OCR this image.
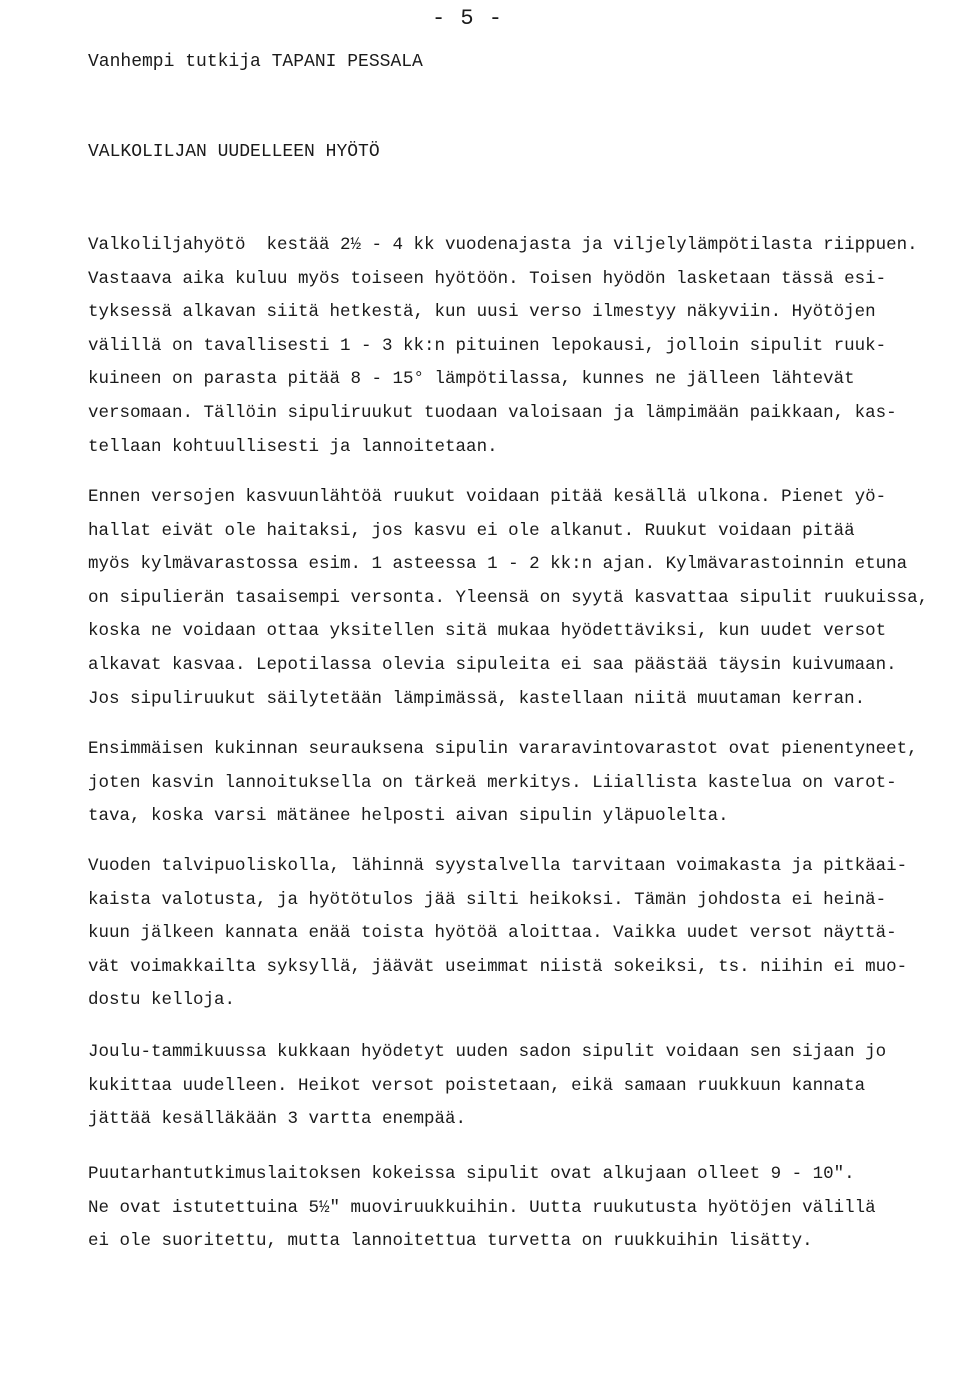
- 5 -
Vanhempi tutkija TAPANI PESSALA
VALKOLILJAN UUDELLEEN HYÖTÖ
Valkoliljahyötö  kestää 2½ - 4 kk vuodenajasta ja viljelylämpötilasta riippuen.
Vastaava aika kuluu myös toiseen hyötöön. Toisen hyödön lasketaan tässä esi-
tyksessä alkavan siitä hetkestä, kun uusi verso ilmestyy näkyviin. Hyötöjen
välillä on tavallisesti 1 - 3 kk:n pituinen lepokausi, jolloin sipulit ruuk-
kuineen on parasta pitää 8 - 15° lämpötilassa, kunnes ne jälleen lähtevät
versomaan. Tällöin sipuliruukut tuodaan valoisaan ja lämpimään paikkaan, kas-
tellaan kohtuullisesti ja lannoitetaan.
Ennen versojen kasvuunlähtöä ruukut voidaan pitää kesällä ulkona. Pienet yö-
hallat eivät ole haitaksi, jos kasvu ei ole alkanut. Ruukut voidaan pitää
myös kylmävarastossa esim. 1 asteessa 1 - 2 kk:n ajan. Kylmävarastoinnin etuna
on sipulierän tasaisempi versonta. Yleensä on syytä kasvattaa sipulit ruukuissa,
koska ne voidaan ottaa yksitellen sitä mukaa hyödettäviksi, kun uudet versot
alkavat kasvaa. Lepotilassa olevia sipuleita ei saa päästää täysin kuivumaan.
Jos sipuliruukut säilytetään lämpimässä, kastellaan niitä muutaman kerran.
Ensimmäisen kukinnan seurauksena sipulin vararavintovarastot ovat pienentyneet,
joten kasvin lannoituksella on tärkeä merkitys. Liiallista kastelua on varot-
tava, koska varsi mätänee helposti aivan sipulin yläpuolelta.
Vuoden talvipuoliskolla, lähinnä syystalvella tarvitaan voimakasta ja pitkäai-
kaista valotusta, ja hyötötulos jää silti heikoksi. Tämän johdosta ei heinä-
kuun jälkeen kannata enää toista hyötöä aloittaa. Vaikka uudet versot näyttä-
vät voimakkailta syksyllä, jäävät useimmat niistä sokeiksi, ts. niihin ei muo-
dostu kelloja.
Joulu-tammikuussa kukkaan hyödetyt uuden sadon sipulit voidaan sen sijaan jo
kukittaa uudelleen. Heikot versot poistetaan, eikä samaan ruukkuun kannata
jättää kesälläkään 3 vartta enempää.
Puutarhantutkimuslaitoksen kokeissa sipulit ovat alkujaan olleet 9 - 10".
Ne ovat istutettuina 5½" muoviruukkuihin. Uutta ruukutusta hyötöjen välillä
ei ole suoritettu, mutta lannoitettua turvetta on ruukkuihin lisätty.
